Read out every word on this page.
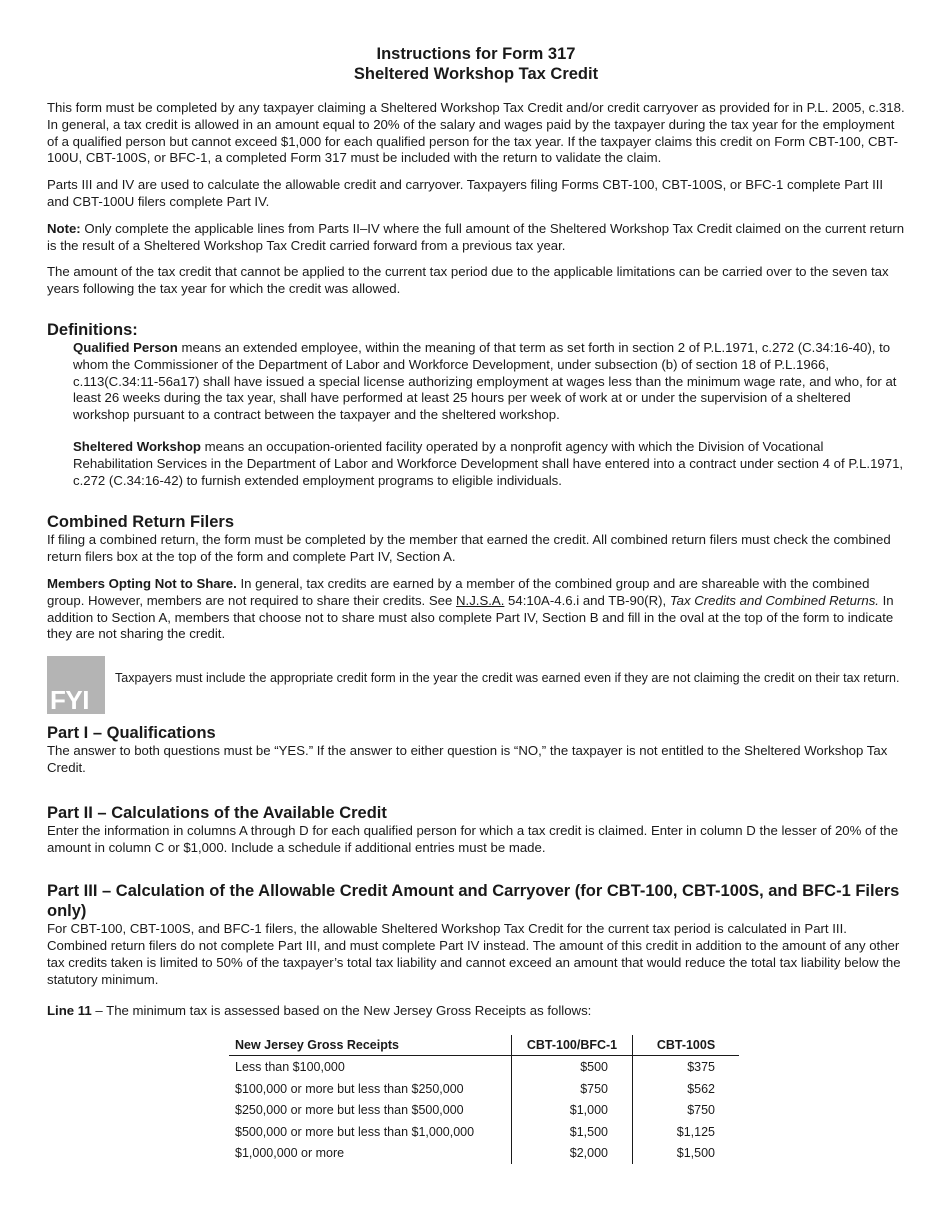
Instructions for Form 317
Sheltered Workshop Tax Credit

This form must be completed by any taxpayer claiming a Sheltered Workshop Tax Credit and/or credit carryover as provided for in P.L. 2005, c.318. In general, a tax credit is allowed in an amount equal to 20% of the salary and wages paid by the taxpayer during the tax year for the employment of a qualified person but cannot exceed $1,000 for each qualified person for the tax year. If the taxpayer claims this credit on Form CBT-100, CBT-100U, CBT-100S, or BFC-1, a completed Form 317 must be included with the return to validate the claim.

Parts III and IV are used to calculate the allowable credit and carryover. Taxpayers filing Forms CBT-100, CBT-100S, or BFC-1 complete Part III and CBT-100U filers complete Part IV.

Note: Only complete the applicable lines from Parts II–IV where the full amount of the Sheltered Workshop Tax Credit claimed on the current return is the result of a Sheltered Workshop Tax Credit carried forward from a previous tax year.

The amount of the tax credit that cannot be applied to the current tax period due to the applicable limitations can be carried over to the seven tax years following the tax year for which the credit was allowed.

Definitions:

Qualified Person means an extended employee, within the meaning of that term as set forth in section 2 of P.L.1971, c.272 (C.34:16-40), to whom the Commissioner of the Department of Labor and Workforce Development, under subsection (b) of section 18 of P.L.1966, c.113(C.34:11-56a17) shall have issued a special license authorizing employment at wages less than the minimum wage rate, and who, for at least 26 weeks during the tax year, shall have performed at least 25 hours per week of work at or under the supervision of a sheltered workshop pursuant to a contract between the taxpayer and the sheltered workshop.

Sheltered Workshop means an occupation-oriented facility operated by a nonprofit agency with which the Division of Vocational Rehabilitation Services in the Department of Labor and Workforce Development shall have entered into a contract under section 4 of P.L.1971, c.272 (C.34:16-42) to furnish extended employment programs to eligible individuals.

Combined Return Filers

If filing a combined return, the form must be completed by the member that earned the credit. All combined return filers must check the combined return filers box at the top of the form and complete Part IV, Section A.

Members Opting Not to Share. In general, tax credits are earned by a member of the combined group and are shareable with the combined group. However, members are not required to share their credits. See N.J.S.A. 54:10A-4.6.i and TB-90(R), Tax Credits and Combined Returns. In addition to Section A, members that choose not to share must also complete Part IV, Section B and fill in the oval at the top of the form to indicate they are not sharing the credit.

FYI
Taxpayers must include the appropriate credit form in the year the credit was earned even if they are not claiming the credit on their tax return.
Part I – Qualifications

The answer to both questions must be “YES.” If the answer to either question is “NO,” the taxpayer is not entitled to the Sheltered Workshop Tax Credit.

Part II – Calculations of the Available Credit

Enter the information in columns A through D for each qualified person for which a tax credit is claimed. Enter in column D the lesser of 20% of the amount in column C or $1,000. Include a schedule if additional entries must be made.

Part III – Calculation of the Allowable Credit Amount and Carryover (for CBT-100, CBT-100S, and BFC-1 Filers only)

For CBT-100, CBT-100S, and BFC-1 filers, the allowable Sheltered Workshop Tax Credit for the current tax period is calculated in Part III. Combined return filers do not complete Part III, and must complete Part IV instead. The amount of this credit in addition to the amount of any other tax credits taken is limited to 50% of the taxpayer’s total tax liability and cannot exceed an amount that would reduce the total tax liability below the statutory minimum.

Line 11 – The minimum tax is assessed based on the New Jersey Gross Receipts as follows:

New Jersey Gross Receipts	CBT-100/BFC-1	CBT-100S
Less than $100,000	$500	$375
$100,000 or more but less than $250,000	$750	$562
$250,000 or more but less than $500,000	$1,000	$750
$500,000 or more but less than $1,000,000	$1,500	$1,125
$1,000,000 or more	$2,000	$1,500
